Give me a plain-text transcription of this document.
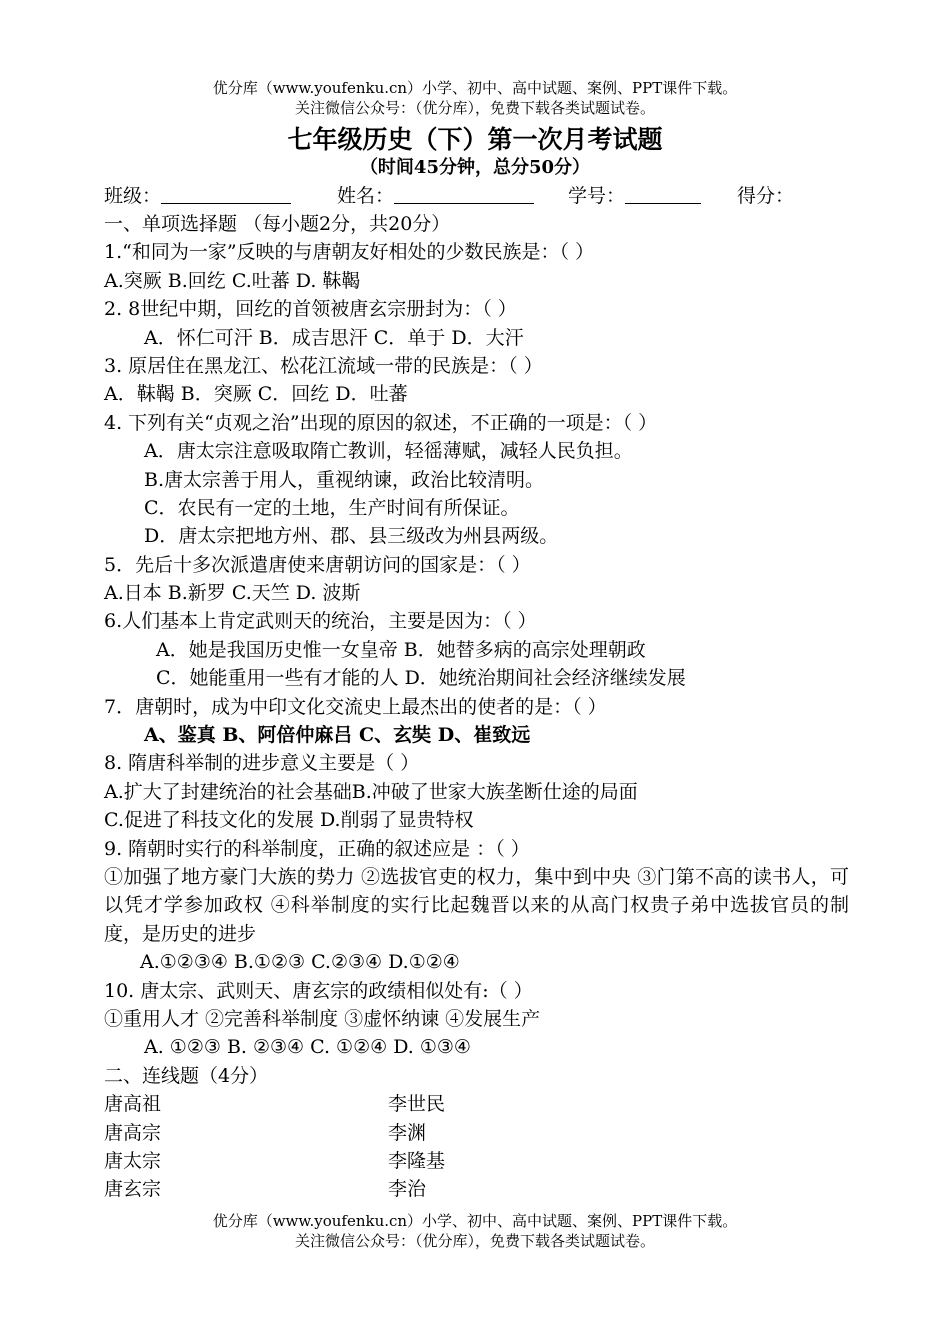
优分库（www.youfenku.cn）小学、初中、高中试题、案例、PPT课件下载。
关注微信公众号：（优分库），免费下载各类试题试卷。
七年级历史（下）第一次月考试题
（时间45分钟，总分50分）
班级：	姓名：	学号：	得分：
一、单项选择题 （每小题2分，共20分）
1.“和同为一家”反映的与唐朝友好相处的少数民族是：（ ）
A.突厥 B.回纥 C.吐蕃 D. 靺鞨
2. 8世纪中期，回纥的首领被唐玄宗册封为：（ ）
A．怀仁可汗 B．成吉思汗 C．单于 D．大汗
3. 原居住在黑龙江、松花江流域一带的民族是：（ ）
A．靺鞨 B．突厥 C．回纥 D．吐蕃
4. 下列有关“贞观之治”出现的原因的叙述，不正确的一项是：（ ）
A．唐太宗注意吸取隋亡教训，轻徭薄赋，减轻人民负担。
B.唐太宗善于用人，重视纳谏，政治比较清明。
C．农民有一定的土地，生产时间有所保证。
D．唐太宗把地方州、郡、县三级改为州县两级。
5．先后十多次派遣唐使来唐朝访问的国家是：（ ）
A.日本 B.新罗 C.天竺 D. 波斯
6.人们基本上肯定武则天的统治，主要是因为：（ ）
A．她是我国历史惟一女皇帝 B．她替多病的高宗处理朝政
C．她能重用一些有才能的人 D．她统治期间社会经济继续发展
7．唐朝时，成为中印文化交流史上最杰出的使者的是：（ ）
A、鉴真 B、阿倍仲麻吕 C、玄奘 D、崔致远
8. 隋唐科举制的进步意义主要是（ ）
A.扩大了封建统治的社会基础B.冲破了世家大族垄断仕途的局面
C.促进了科技文化的发展 D.削弱了显贵特权
9. 隋朝时实行的科举制度，正确的叙述应是 ：（ ）
①加强了地方豪门大族的势力 ②选拔官吏的权力，集中到中央 ③门第不高的读书人，可以凭才学参加政权 ④科举制度的实行比起魏晋以来的从高门权贵子弟中选拔官员的制度，是历史的进步
A.①②③④ B.①②③ C.②③④ D.①②④
10. 唐太宗、武则天、唐玄宗的政绩相似处有:（ ）
①重用人才 ②完善科举制度 ③虚怀纳谏 ④发展生产
A. ①②③ B. ②③④ C. ①②④ D. ①③④
二、连线题（4分）
唐高祖	李世民
唐高宗	李渊
唐太宗	李隆基
唐玄宗	李治
优分库（www.youfenku.cn）小学、初中、高中试题、案例、PPT课件下载。
关注微信公众号：（优分库），免费下载各类试题试卷。
